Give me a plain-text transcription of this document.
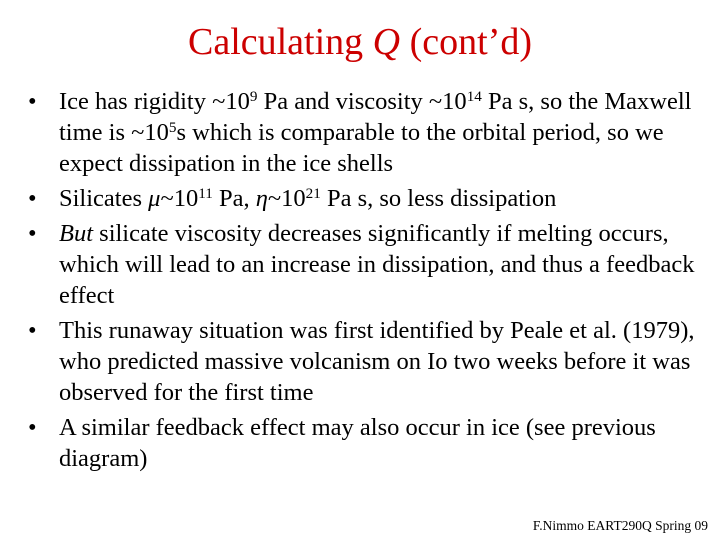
Calculating Q (cont’d)
• Ice has rigidity $\sim 10^9$ Pa and viscosity $\sim 10^{14}$ Pa s, so the Maxwell time is $\sim 10^5s$ which is comparable to the orbital period, so we expect dissipation in the ice shells
• Silicates $\mu\sim 10^{11}$ Pa, $\eta\sim 10^{21}$ Pa s, so less dissipation
• But silicate viscosity decreases significantly if melting occurs, which will lead to an increase in dissipation, and thus a feedback effect
• This runaway situation was first identified by Peale et al. (1979), who predicted massive volcanism on Io two weeks before it was observed for the first time
• A similar feedback effect may also occur in ice (see previous diagram)
F.Nimmo EART290Q Spring 09
